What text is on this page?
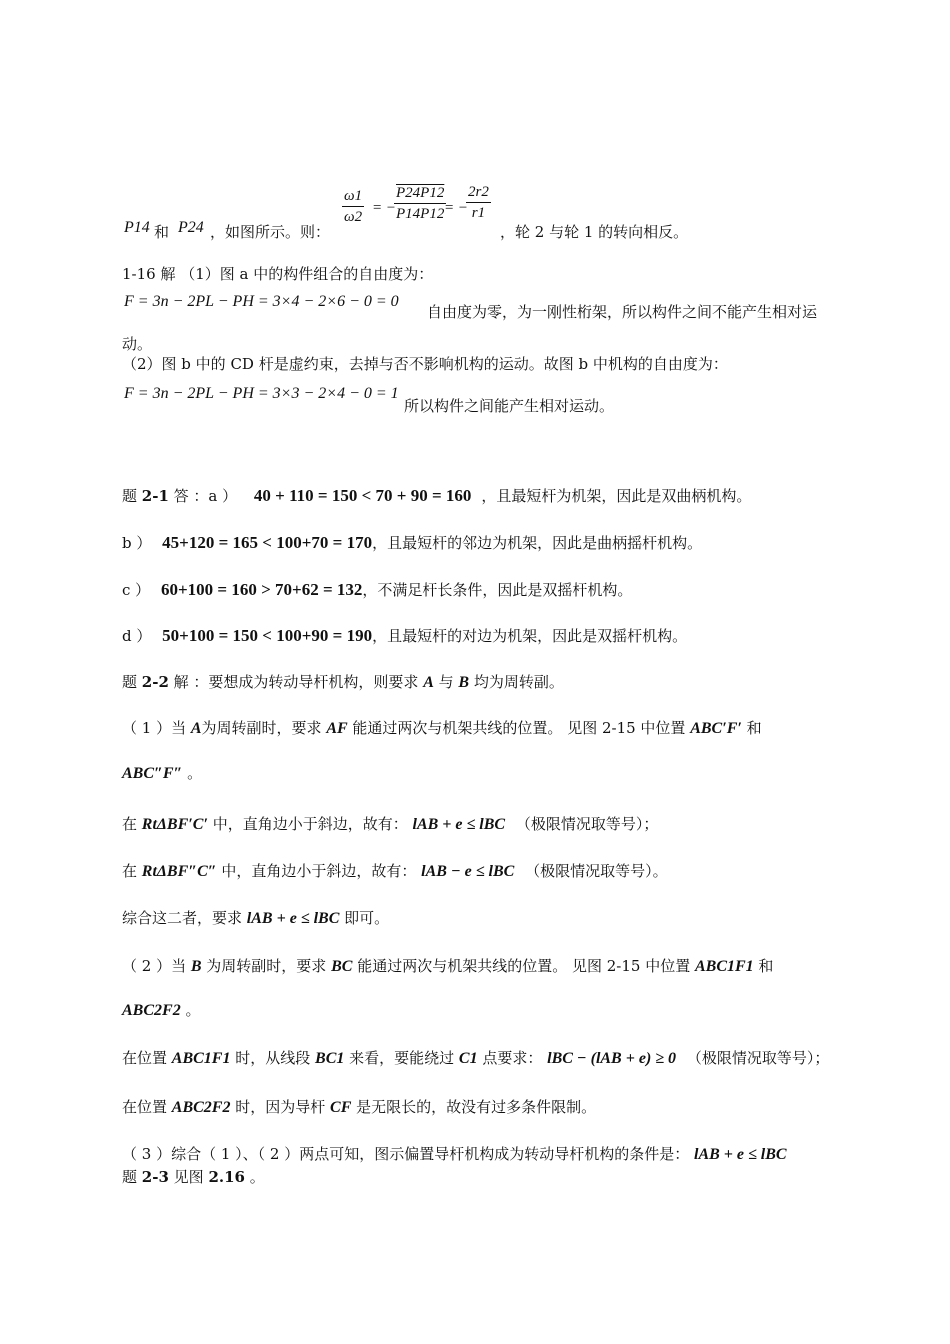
P14 和 P24 ，如图所示。则：
$\frac{\omega 1}{\omega 2}$ = −
$\frac{P24P12}{P14P12}$
= −
$\frac{2r2}{r1}$
，轮 2 与轮 1 的转向相反。
1-16 解 （1）图 a 中的构件组合的自由度为：
F = 3n − 2PL − PH = 3×4 − 2×6 − 0 = 0
自由度为零，为一刚性桁架，所以构件之间不能产生相对运
动。
（2）图 b 中的 CD 杆是虚约束，去掉与否不影响机构的运动。故图 b 中机构的自由度为：
F = 3n − 2PL − PH = 3×3 − 2×4 − 0 = 1
所以构件之间能产生相对运动。
题 2-1 答 ：a ） 40 + 110 = 150 < 70 + 90 = 160 ，且最短杆为机架，因此是双曲柄机构。
b ） 45+120 = 165 < 100+70 = 170，且最短杆的邻边为机架，因此是曲柄摇杆机构。
c ） 60+100 = 160 > 70+62 = 132，不满足杆长条件，因此是双摇杆机构。
d ） 50+100 = 150 < 100+90 = 190，且最短杆的对边为机架，因此是双摇杆机构。
题 2-2 解 ：要想成为转动导杆机构，则要求 A 与 B 均为周转副。
（ 1 ）当 A为周转副时，要求 AF 能通过两次与机架共线的位置。 见图 2-15 中位置 ABC′F′ 和
ABC″F″ 。
在 RtΔBF′C′ 中，直角边小于斜边，故有： lAB + e ≤ lBC （极限情况取等号）；
在 RtΔBF″C″ 中，直角边小于斜边，故有： lAB − e ≤ lBC （极限情况取等号）。
综合这二者，要求 lAB + e ≤ lBC 即可。
（ 2 ）当 B 为周转副时，要求 BC 能通过两次与机架共线的位置。 见图 2-15 中位置 ABC1F1 和
ABC2F2 。
在位置 ABC1F1 时，从线段 BC1 来看，要能绕过 C1 点要求： lBC − (lAB + e) ≥ 0 （极限情况取等号）；
在位置 ABC2F2 时，因为导杆 CF 是无限长的，故没有过多条件限制。
（ 3 ）综合（ 1 ）、（ 2 ）两点可知，图示偏置导杆机构成为转动导杆机构的条件是： lAB + e ≤ lBC
题 2-3 见图 2.16 。
